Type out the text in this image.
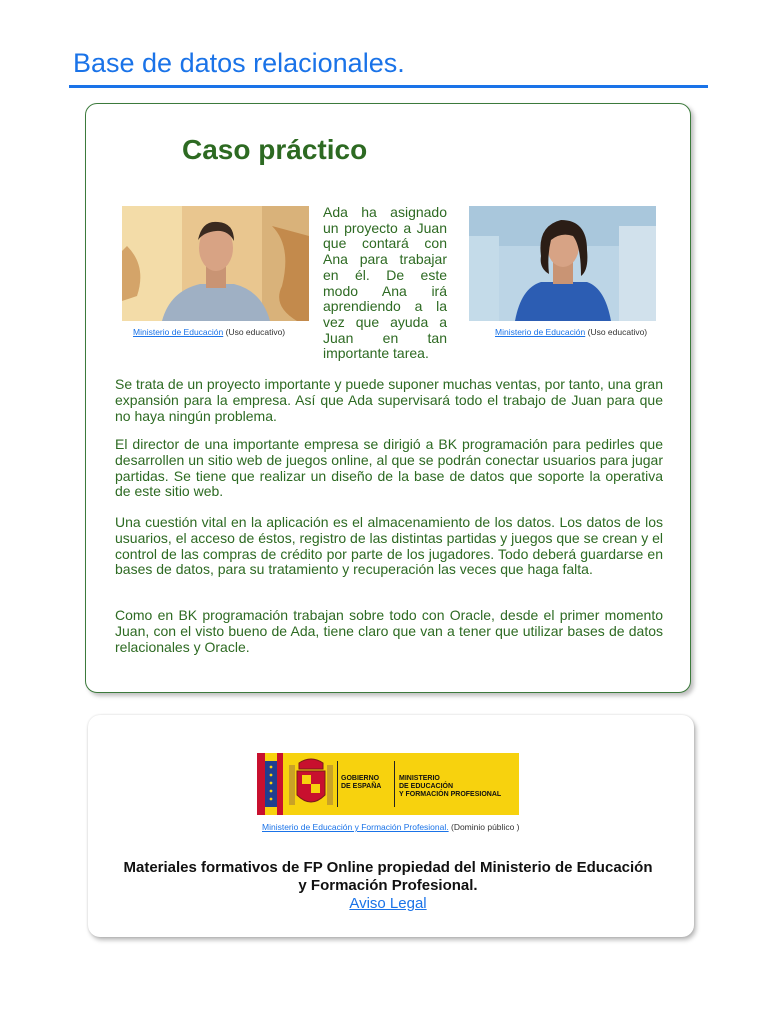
Base de datos relacionales.
Caso práctico
Ministerio de Educación (Uso educativo)	Ministerio de Educación (Uso educativo)

Ada ha asignado un proyecto a Juan que contará con Ana para trabajar en él. De este modo Ana irá aprendiendo a la vez que ayuda a Juan en tan importante tarea.

Se trata de un proyecto importante y puede suponer muchas ventas, por tanto, una gran expansión para la empresa. Así que Ada supervisará todo el trabajo de Juan para que no haya ningún problema.

El director de una importante empresa se dirigió a BK programación para pedirles que desarrollen un sitio web de juegos online, al que se podrán conectar usuarios para jugar partidas. Se tiene que realizar un diseño de la base de datos que soporte la operativa de este sitio web.

Una cuestión vital en la aplicación es el almacenamiento de los datos. Los datos de los usuarios, el acceso de éstos, registro de las distintas partidas y juegos que se crean y el control de las compras de crédito por parte de los jugadores. Todo deberá guardarse en bases de datos, para su tratamiento y recuperación las veces que haga falta.

Como en BK programación trabajan sobre todo con Oracle, desde el primer momento Juan, con el visto bueno de Ada, tiene claro que van a tener que utilizar bases de datos relacionales y Oracle.

GOBIERNO
DE ESPAÑA
MINISTERIO
DE EDUCACIÓN
Y FORMACIÓN PROFESIONAL
Ministerio de Educación y Formación Profesional. (Dominio público )
Materiales formativos de FP Online propiedad del Ministerio de Educación y Formación Profesional.
Aviso Legal
